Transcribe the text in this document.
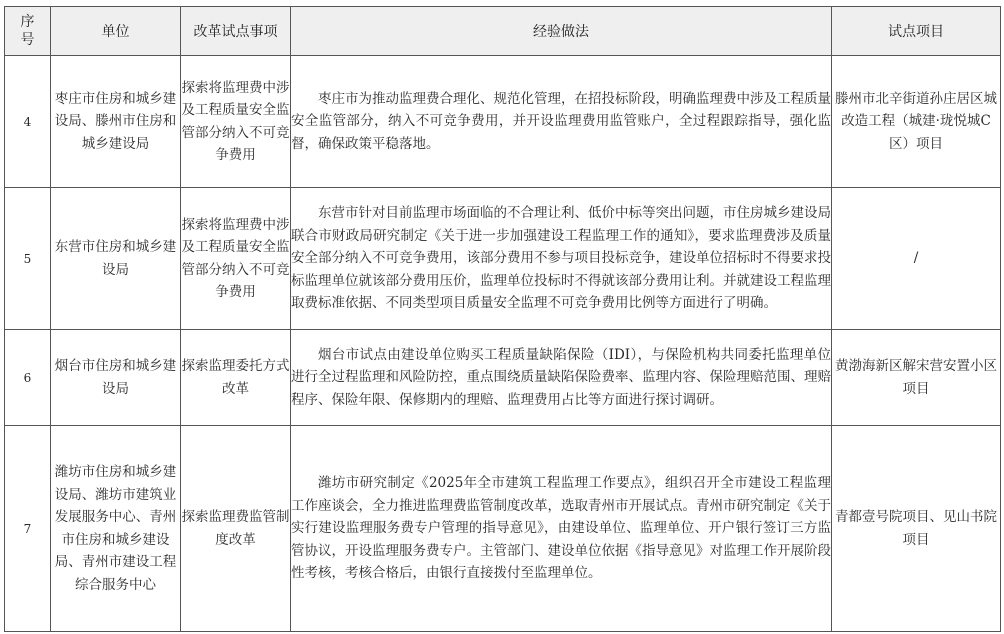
序
号	单位	改革试点事项	经验做法	试点项目
4	枣庄市住房和城乡建设局、滕州市住房和城乡建设局	探索将监理费中涉及工程质量安全监管部分纳入不可竞争费用	枣庄市为推动监理费合理化、规范化管理，在招投标阶段，明确监理费中涉及工程质量安全监管部分，纳入不可竞争费用，并开设监理费用监管账户，全过程跟踪指导，强化监督，确保政策平稳落地。	滕州市北辛街道孙庄居区城改造工程（城建·珑悦城C区）项目
5	东营市住房和城乡建设局	探索将监理费中涉及工程质量安全监管部分纳入不可竞争费用	东营市针对目前监理市场面临的不合理让利、低价中标等突出问题，市住房城乡建设局联合市财政局研究制定《关于进一步加强建设工程监理工作的通知》，要求监理费涉及质量安全部分纳入不可竞争费用，该部分费用不参与项目投标竞争，建设单位招标时不得要求投标监理单位就该部分费用压价，监理单位投标时不得就该部分费用让利。并就建设工程监理取费标准依据、不同类型项目质量安全监理不可竞争费用比例等方面进行了明确。	/
6	烟台市住房和城乡建设局	探索监理委托方式改革	烟台市试点由建设单位购买工程质量缺陷保险（IDI），与保险机构共同委托监理单位进行全过程监理和风险防控，重点围绕质量缺陷保险费率、监理内容、保险理赔范围、理赔程序、保险年限、保修期内的理赔、监理费用占比等方面进行探讨调研。	黄渤海新区解宋营安置小区项目
7	潍坊市住房和城乡建设局、潍坊市建筑业发展服务中心、青州市住房和城乡建设局、青州市建设工程综合服务中心	探索监理费监管制度改革	潍坊市研究制定《2025年全市建筑工程监理工作要点》，组织召开全市建设工程监理工作座谈会，全力推进监理费监管制度改革，选取青州市开展试点。青州市研究制定《关于实行建设监理服务费专户管理的指导意见》，由建设单位、监理单位、开户银行签订三方监管协议，开设监理服务费专户。主管部门、建设单位依据《指导意见》对监理工作开展阶段性考核，考核合格后，由银行直接拨付至监理单位。	青都壹号院项目、见山书院项目
